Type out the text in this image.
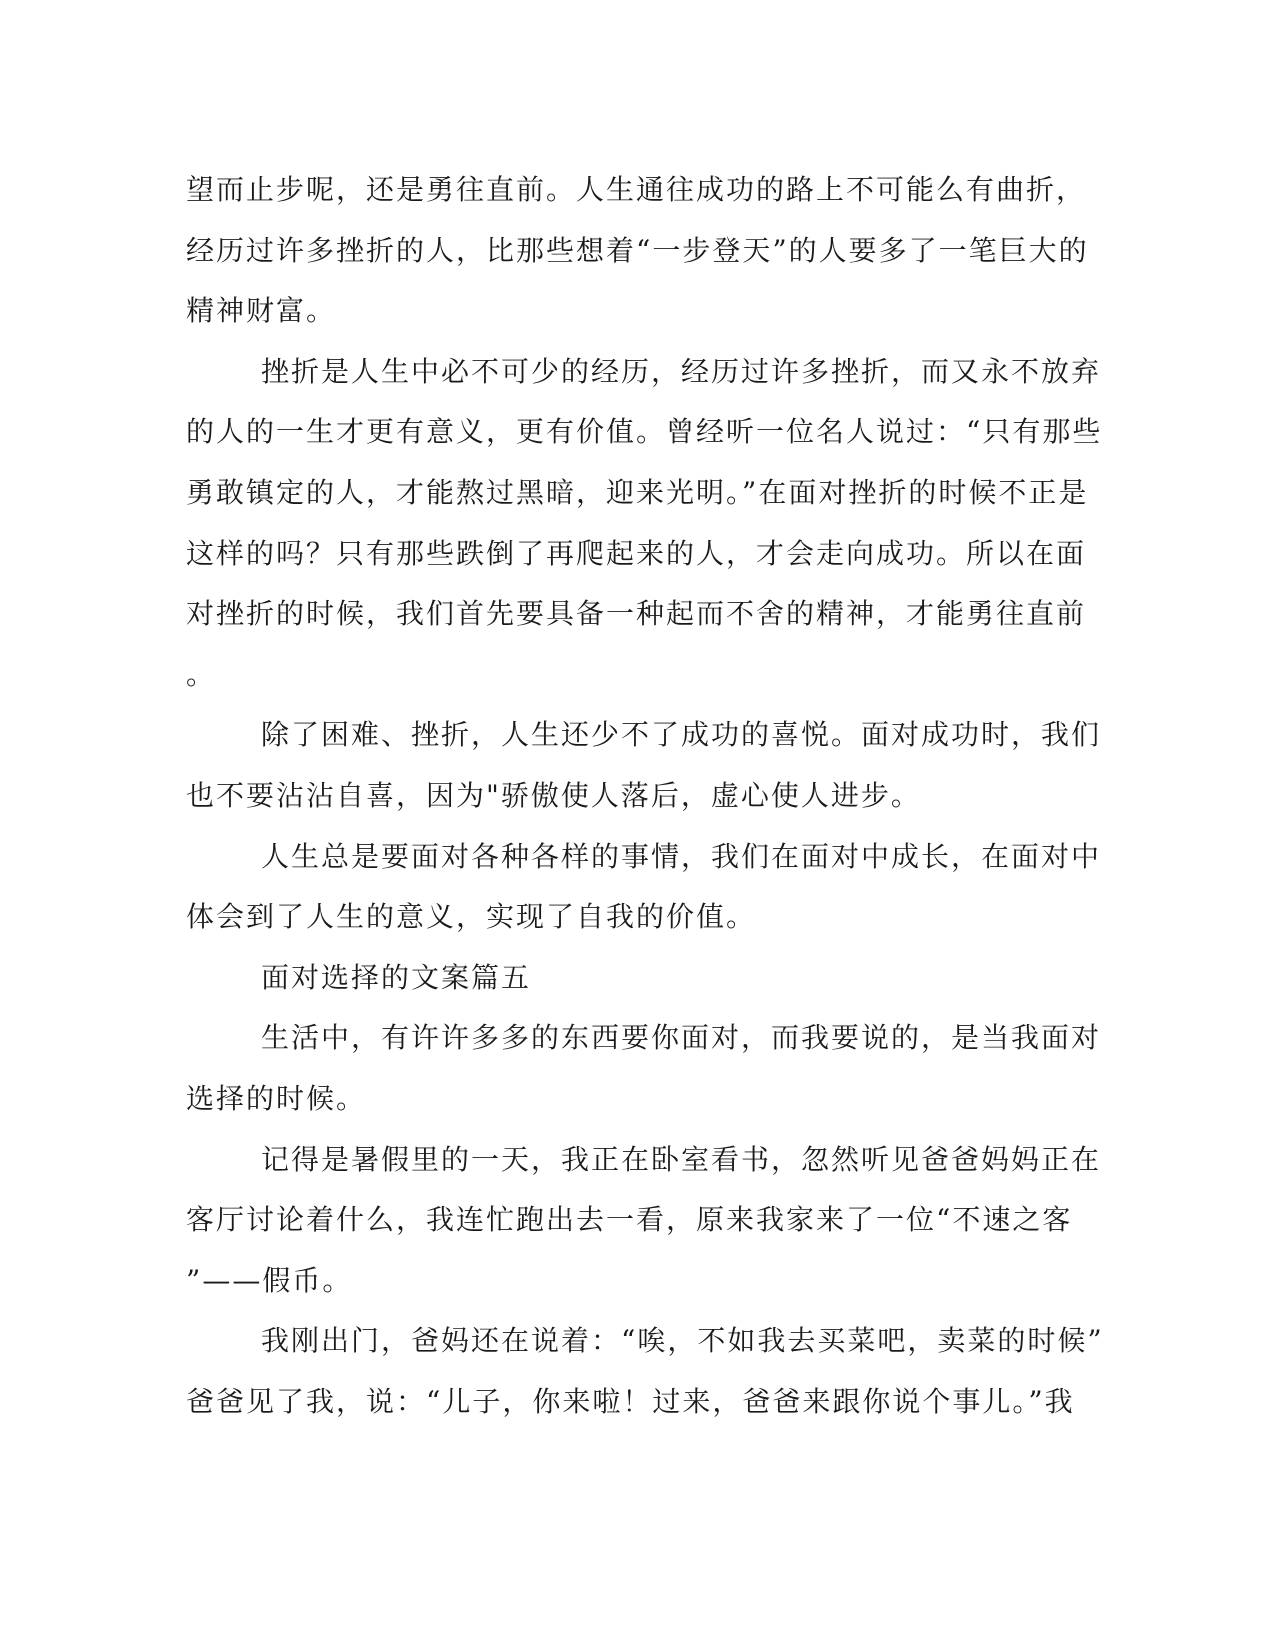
望而止步呢，还是勇往直前。人生通往成功的路上不可能么有曲折，
经历过许多挫折的人，比那些想着“一步登天”的人要多了一笔巨大的
精神财富。
挫折是人生中必不可少的经历，经历过许多挫折，而又永不放弃
的人的一生才更有意义，更有价值。曾经听一位名人说过：“只有那些
勇敢镇定的人，才能熬过黑暗，迎来光明。”在面对挫折的时候不正是
这样的吗？只有那些跌倒了再爬起来的人，才会走向成功。所以在面
对挫折的时候，我们首先要具备一种起而不舍的精神，才能勇往直前
。
除了困难、挫折，人生还少不了成功的喜悦。面对成功时，我们
也不要沾沾自喜，因为"骄傲使人落后，虚心使人进步。
人生总是要面对各种各样的事情，我们在面对中成长，在面对中
体会到了人生的意义，实现了自我的价值。
面对选择的文案篇五
生活中，有许许多多的东西要你面对，而我要说的，是当我面对
选择的时候。
记得是暑假里的一天，我正在卧室看书，忽然听见爸爸妈妈正在
客厅讨论着什么，我连忙跑出去一看，原来我家来了一位“不速之客
”——假币。
我刚出门，爸妈还在说着：“唉，不如我去买菜吧，卖菜的时候”
爸爸见了我，说：“儿子，你来啦！过来，爸爸来跟你说个事儿。”我
